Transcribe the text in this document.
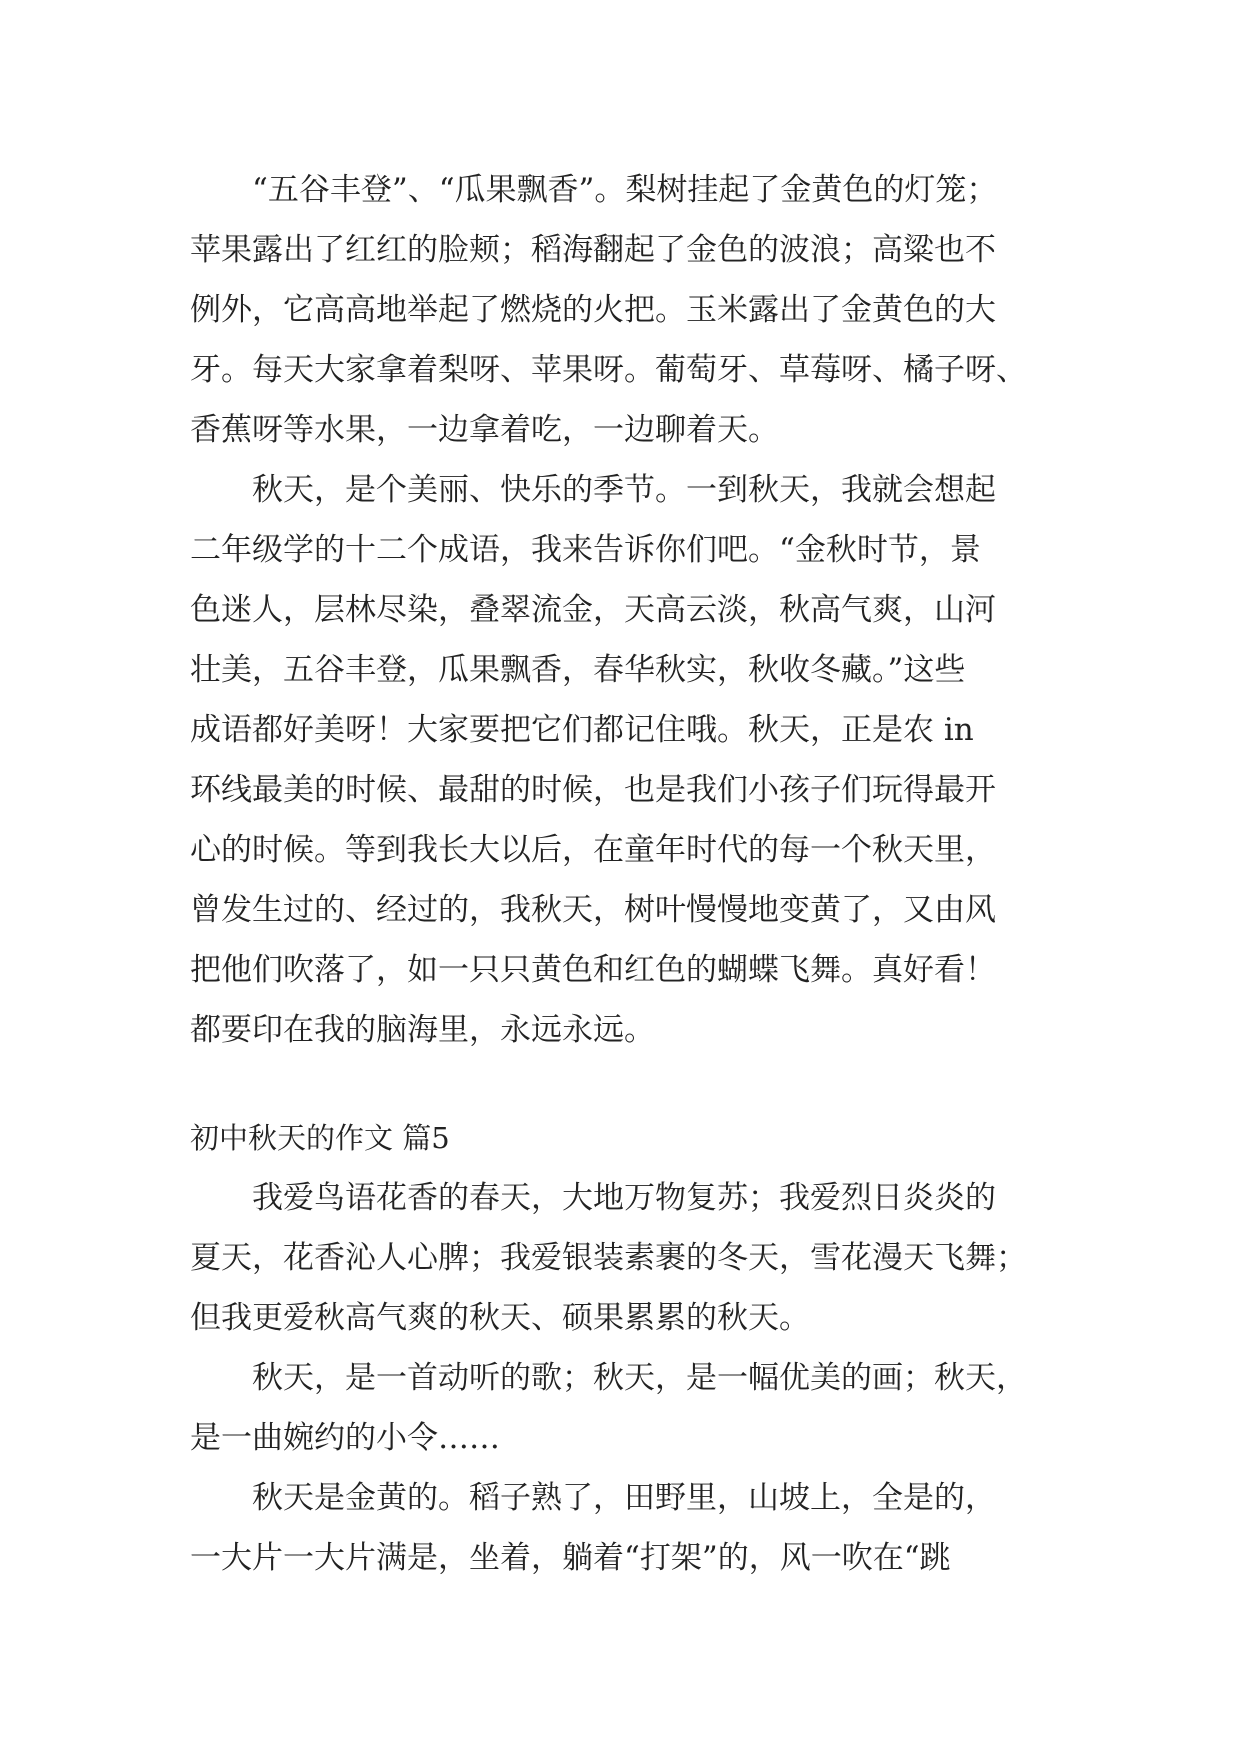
“五谷丰登”、“瓜果飘香”。梨树挂起了金黄色的灯笼；
苹果露出了红红的脸颊；稻海翻起了金色的波浪；高粱也不
例外，它高高地举起了燃烧的火把。玉米露出了金黄色的大
牙。每天大家拿着梨呀、苹果呀。葡萄牙、草莓呀、橘子呀、
香蕉呀等水果，一边拿着吃，一边聊着天。

秋天，是个美丽、快乐的季节。一到秋天，我就会想起
二年级学的十二个成语，我来告诉你们吧。“金秋时节，景
色迷人，层林尽染，叠翠流金，天高云淡，秋高气爽，山河
壮美，五谷丰登，瓜果飘香，春华秋实，秋收冬藏。”这些
成语都好美呀！大家要把它们都记住哦。秋天，正是农 in
环线最美的时候、最甜的时候，也是我们小孩子们玩得最开
心的时候。等到我长大以后，在童年时代的每一个秋天里，
曾发生过的、经过的，我秋天，树叶慢慢地变黄了，又由风
把他们吹落了，如一只只黄色和红色的蝴蝶飞舞。真好看！
都要印在我的脑海里，永远永远。

初中秋天的作文 篇5

我爱鸟语花香的春天，大地万物复苏；我爱烈日炎炎的
夏天，花香沁人心脾；我爱银装素裹的冬天，雪花漫天飞舞；
但我更爱秋高气爽的秋天、硕果累累的秋天。

秋天，是一首动听的歌；秋天，是一幅优美的画；秋天，
是一曲婉约的小令……

秋天是金黄的。稻子熟了，田野里，山坡上，全是的，
一大片一大片满是，坐着，躺着“打架”的，风一吹在“跳
